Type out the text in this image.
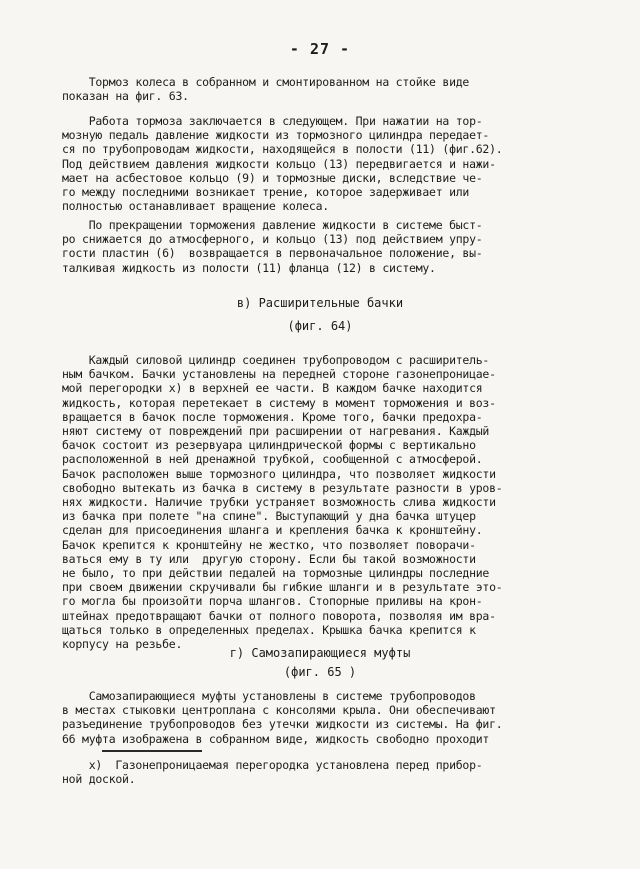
- 27 -
Тормоз колеса в собранном и смонтированном на стойке виде
показан на фиг. 63.
Работа тормоза заключается в следующем. При нажатии на тор-
мозную педаль давление жидкости из тормозного цилиндра передает-
ся по трубопроводам жидкости, находящейся в полости (11) (фиг.62).
Под действием давления жидкости кольцо (13) передвигается и нажи-
мает на асбестовое кольцо (9) и тормозные диски, вследствие че-
го между последними возникает трение, которое задерживает или
полностью останавливает вращение колеса.
По прекращении торможения давление жидкости в системе быст-
ро снижается до атмосферного, и кольцо (13) под действием упру-
гости пластин (6)  возвращается в первоначальное положение, вы-
талкивая жидкость из полости (11) фланца (12) в систему.
в) Расширительные бачки
(фиг. 64)
Каждый силовой цилиндр соединен трубопроводом с расширитель-
ным бачком. Бачки установлены на передней стороне газонепроницае-
мой перегородки x) в верхней ее части. В каждом бачке находится
жидкость, которая перетекает в систему в момент торможения и воз-
вращается в бачок после торможения. Кроме того, бачки предохра-
няют систему от повреждений при расширении от нагревания. Каждый
бачок состоит из резервуара цилиндрической формы с вертикально
расположенной в ней дренажной трубкой, сообщенной с атмосферой.
Бачок расположен выше тормозного цилиндра, что позволяет жидкости
свободно вытекать из бачка в систему в результате разности в уров-
нях жидкости. Наличие трубки устраняет возможность слива жидкости
из бачка при полете "на спине". Выступающий у дна бачка штуцер
сделан для присоединения шланга и крепления бачка к кронштейну.
Бачок крепится к кронштейну не жестко, что позволяет поворачи-
ваться ему в ту или  другую сторону. Если бы такой возможности
не было, то при действии педалей на тормозные цилиндры последние
при своем движении скручивали бы гибкие шланги и в результате это-
го могла бы произойти порча шлангов. Стопорные приливы на крон-
штейнах предотвращают бачки от полного поворота, позволяя им вра-
щаться только в определенных пределах. Крышка бачка крепится к
корпусу на резьбе.
г) Самозапирающиеся муфты
(фиг. 65 )
Самозапирающиеся муфты установлены в системе трубопроводов
в местах стыковки центроплана с консолями крыла. Они обеспечивают
разъединение трубопроводов без утечки жидкости из системы. На фиг.
66 муфта изображена в собранном виде, жидкость свободно проходит
x)  Газонепроницаемая перегородка установлена перед прибор-
ной доской.
